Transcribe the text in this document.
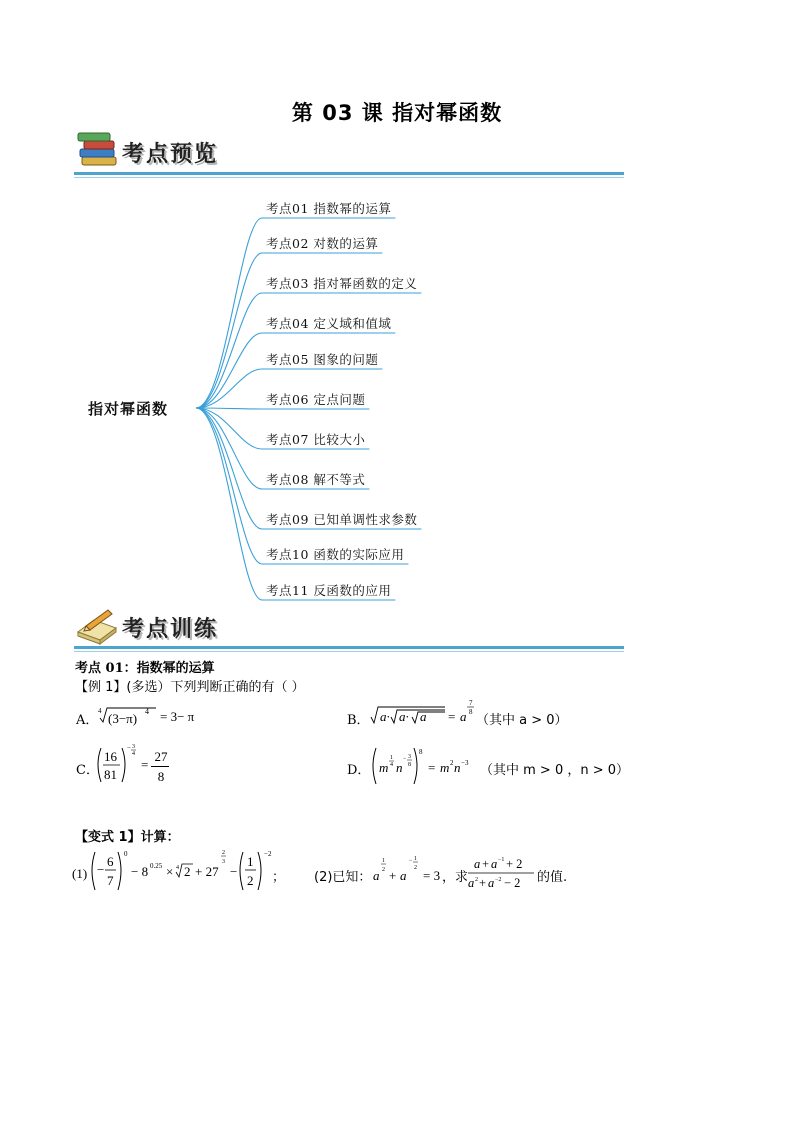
第 03 课 指对幂函数
考点预览
指对幂函数
考点01 指数幂的运算
考点02 对数的运算
考点03 指对幂函数的定义
考点04 定义域和值域
考点05 图象的问题
考点06 定点问题
考点07 比较大小
考点08 解不等式
考点09 已知单调性求参数
考点10 函数的实际应用
考点11 反函数的应用
考点训练
考点 01：指数幂的运算
【例 1】(多选）下列判断正确的有（ ）
A．
4 (3−π) 4 = 3− π	B． a· a· a = a
7
8
（其中 a > 0）
C．
16
81
− 3
4
=
27
8	D． m
1
4 n
− 3
8
8
= m 2 n −3 （其中 m > 0 ，n > 0）
【变式 1】计算：
(1) −
6
7
0
− 8 0.25 × 4 2 + 27
2
3
−
1
2
−2
； (2)已知： a
1
2 + a
− 1
2 = 3 ，求
a + a −1 + 2
a 2 + a −2 − 2 的值.
